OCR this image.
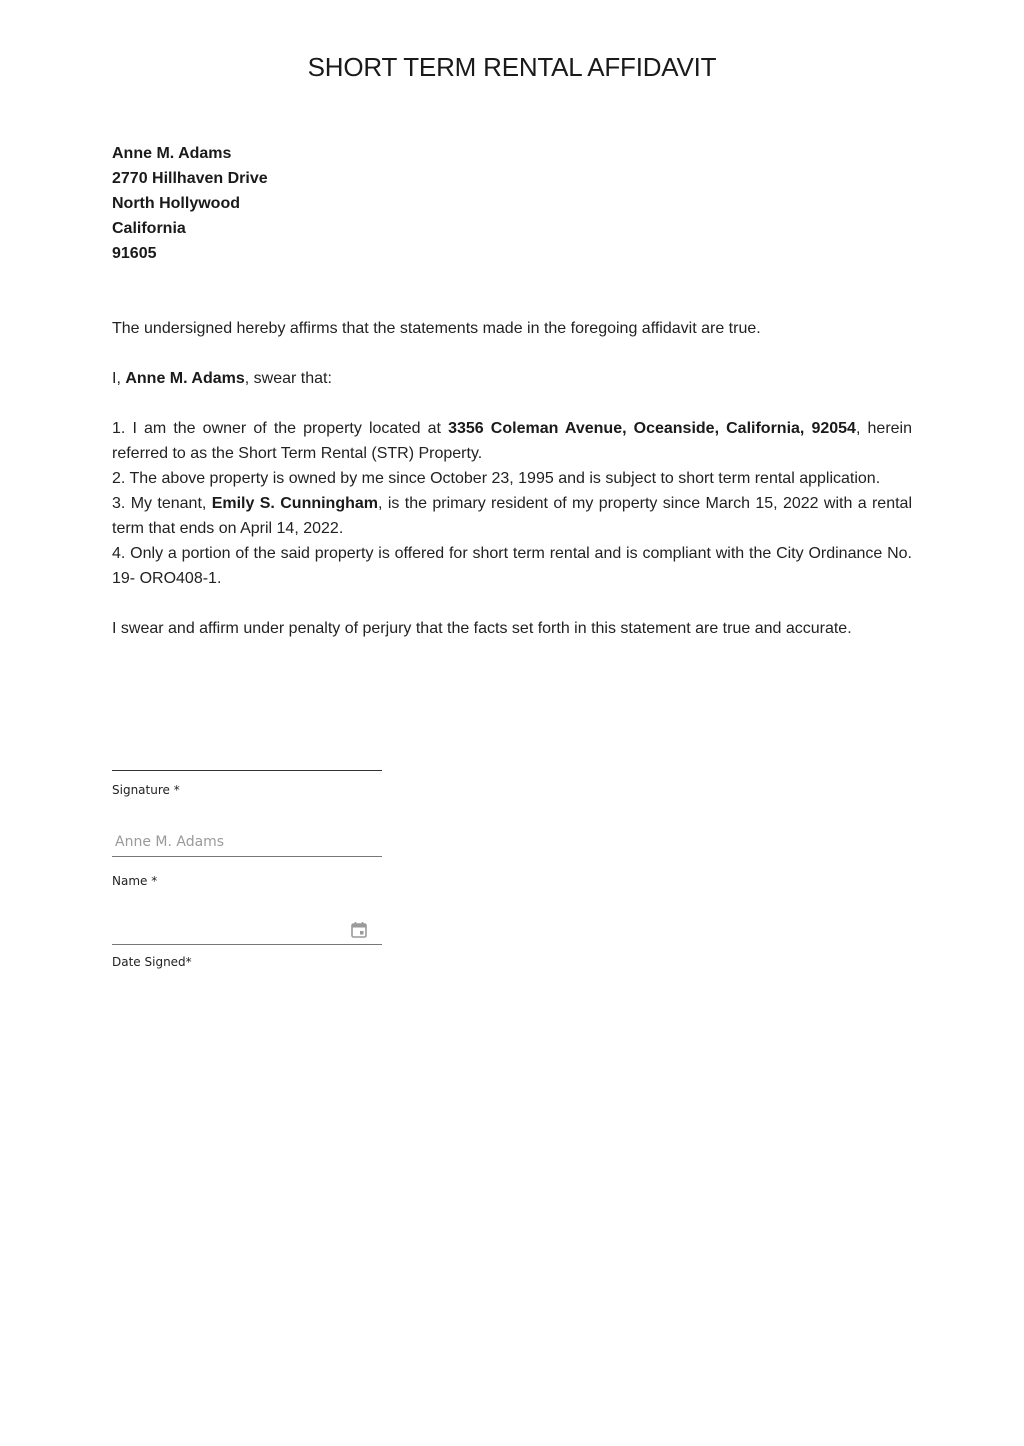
SHORT TERM RENTAL AFFIDAVIT
Anne M. Adams
2770 Hillhaven Drive
North Hollywood
California
91605
The undersigned hereby affirms that the statements made in the foregoing affidavit are true.
I, Anne M. Adams, swear that:

1. I am the owner of the property located at 3356 Coleman Avenue, Oceanside, California, 92054, herein referred to as the Short Term Rental (STR) Property.

2. The above property is owned by me since October 23, 1995 and is subject to short term rental application.

3. My tenant, Emily S. Cunningham, is the primary resident of my property since March 15, 2022 with a rental term that ends on April 14, 2022.

4. Only a portion of the said property is offered for short term rental and is compliant with the City Ordinance No. 19- ORO408-1.

I swear and affirm under penalty of perjury that the facts set forth in this statement are true and accurate.
Signature *
Anne M. Adams
Name *
Date Signed*
